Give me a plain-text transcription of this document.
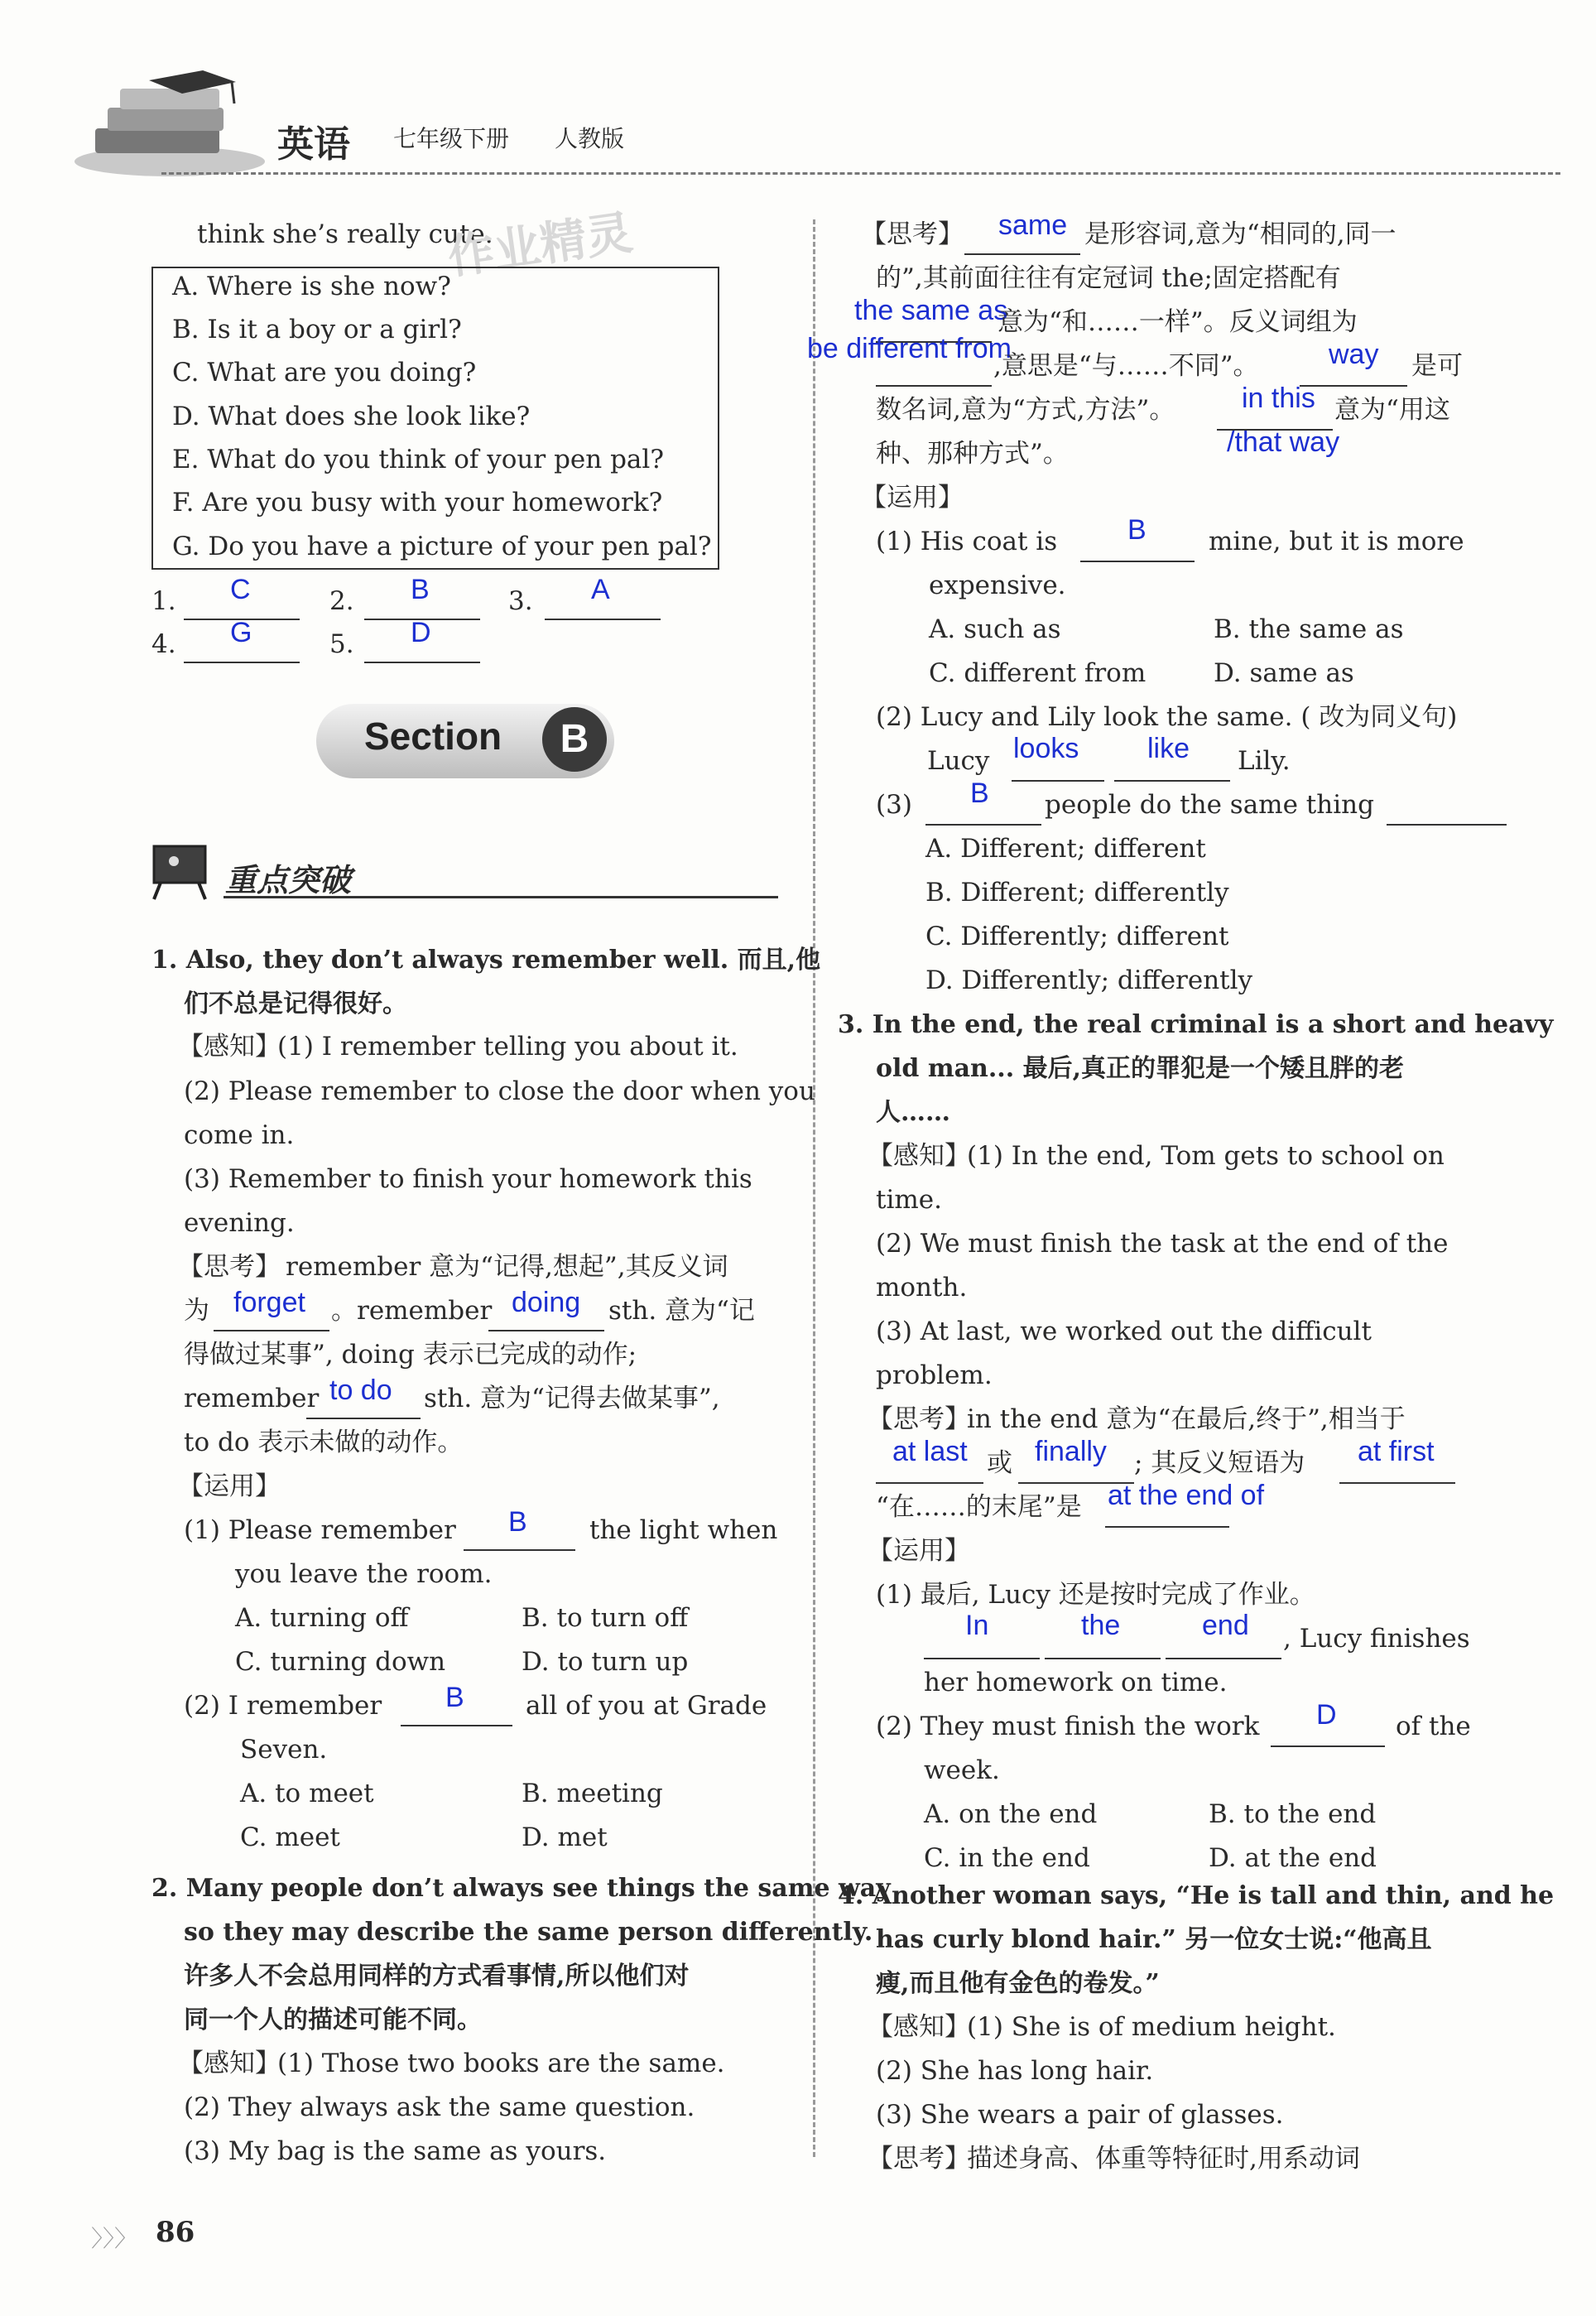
英语 七年级下册 人教版
think she’s really cute.
作业精灵
A. Where is she now?
B. Is it a boy or a girl?
C. What are you doing?
D. What does she look like?
E. What do you think of your pen pal?
F. Are you busy with your homework?
G. Do you have a picture of your pen pal?
1. C	2. B	3. A
4. G	5. D
Section	B
重点突破
1. Also, they don’t always remember well. 而且,他
们不总是记得很好。
【感知】
(1) I remember telling you about it.
(2) Please remember to close the door when you
come in.
(3) Remember to finish your homework this
evening.
【思考】 remember 意为“记得,想起”,其反义词
为 forget 。remember doing sth. 意为“记
得做过某事”, doing 表示已完成的动作;
remember to do sth. 意为“记得去做某事”,
to do 表示未做的动作。
【运用】
(1) Please remember B the light when
you leave the room.
A. turning off	B. to turn off
C. turning down	D. to turn up
(2) I remember B all of you at Grade
Seven.
A. to meet	B. meeting
C. meet	D. met
2. Many people don’t always see things the same way
so they may describe the same person differently.
许多人不会总用同样的方式看事情,所以他们对
同一个人的描述可能不同。
【感知】
(1) Those two books are the same.
(2) They always ask the same question.
(3) My bag is the same as yours.
【思考】 same 是形容词,意为“相同的,同一
的”,其前面往往有定冠词 the;固定搭配有
the same as
意为“和……一样”。反义词组为
be different from
,意思是“与……不同”。 way 是可
数名词,意为“方式,方法”。 in this 意为“用这
/that way
种、那种方式”。
【运用】
(1) His coat is B mine, but it is more
expensive.
A. such as	B. the same as
C. different from	D. same as
(2) Lucy and Lily look the same. ( 改为同义句)
Lucy looks like Lily.
(3) B people do the same thing
A. Different; different
B. Different; differently
C. Differently; different
D. Differently; differently
3. In the end, the real criminal is a short and heavy
old man... 最后,真正的罪犯是一个矮且胖的老
人……
【感知】
(1) In the end, Tom gets to school on
time.
(2) We must finish the task at the end of the
month.
(3) At last, we worked out the difficult
problem.
【思考】
in the end 意为“在最后,终于”,相当于
at last 或 finally ; 其反义短语为 at first
“在……的末尾”是 at the end of
【运用】
(1) 最后, Lucy 还是按时完成了作业。
In	the	end , Lucy finishes
her homework on time.
(2) They must finish the work D of the
week.
A. on the end	B. to the end
C. in the end	D. at the end
4. Another woman says, “He is tall and thin, and he
has curly blond hair.” 另一位女士说:“他高且
瘦,而且他有金色的卷发。”
【感知】
(1) She is of medium height.
(2) She has long hair.
(3) She wears a pair of glasses.
【思考】
描述身高、体重等特征时,用系动词
〉〉〉 86
